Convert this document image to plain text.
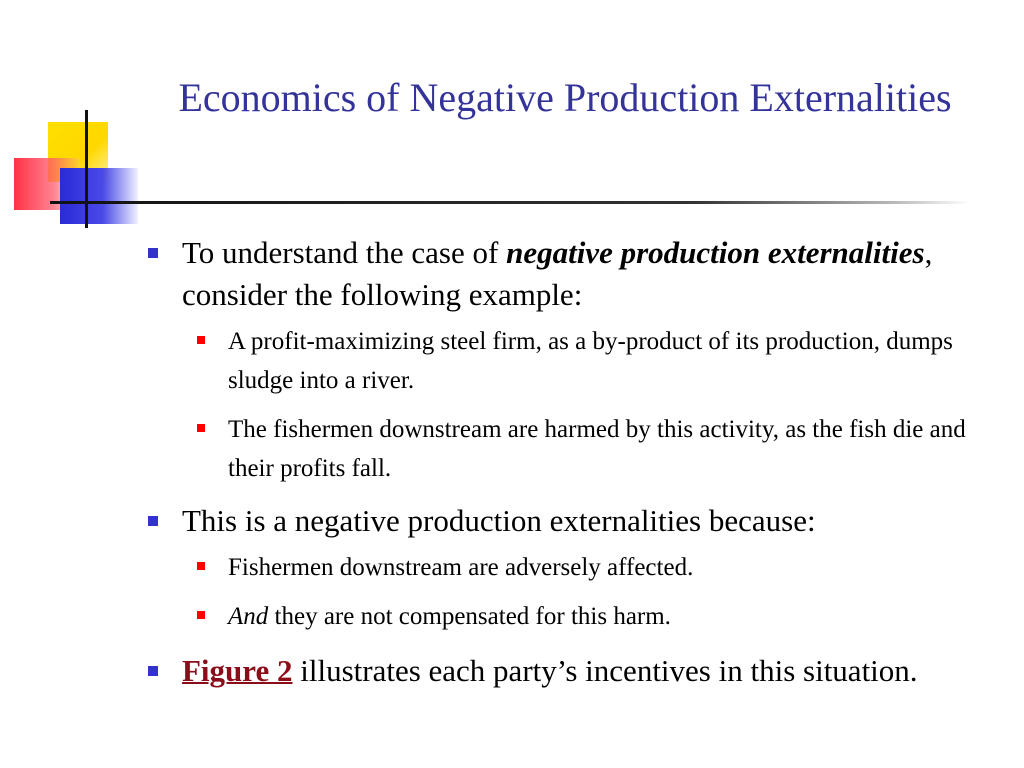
Economics of Negative Production Externalities
To understand the case of negative production externalities, consider the following example:
A profit-maximizing steel firm, as a by-product of its production, dumps sludge into a river.
The fishermen downstream are harmed by this activity, as the fish die and their profits fall.
This is a negative production externalities because:
Fishermen downstream are adversely affected.
And they are not compensated for this harm.
Figure 2 illustrates each party’s incentives in this situation.
